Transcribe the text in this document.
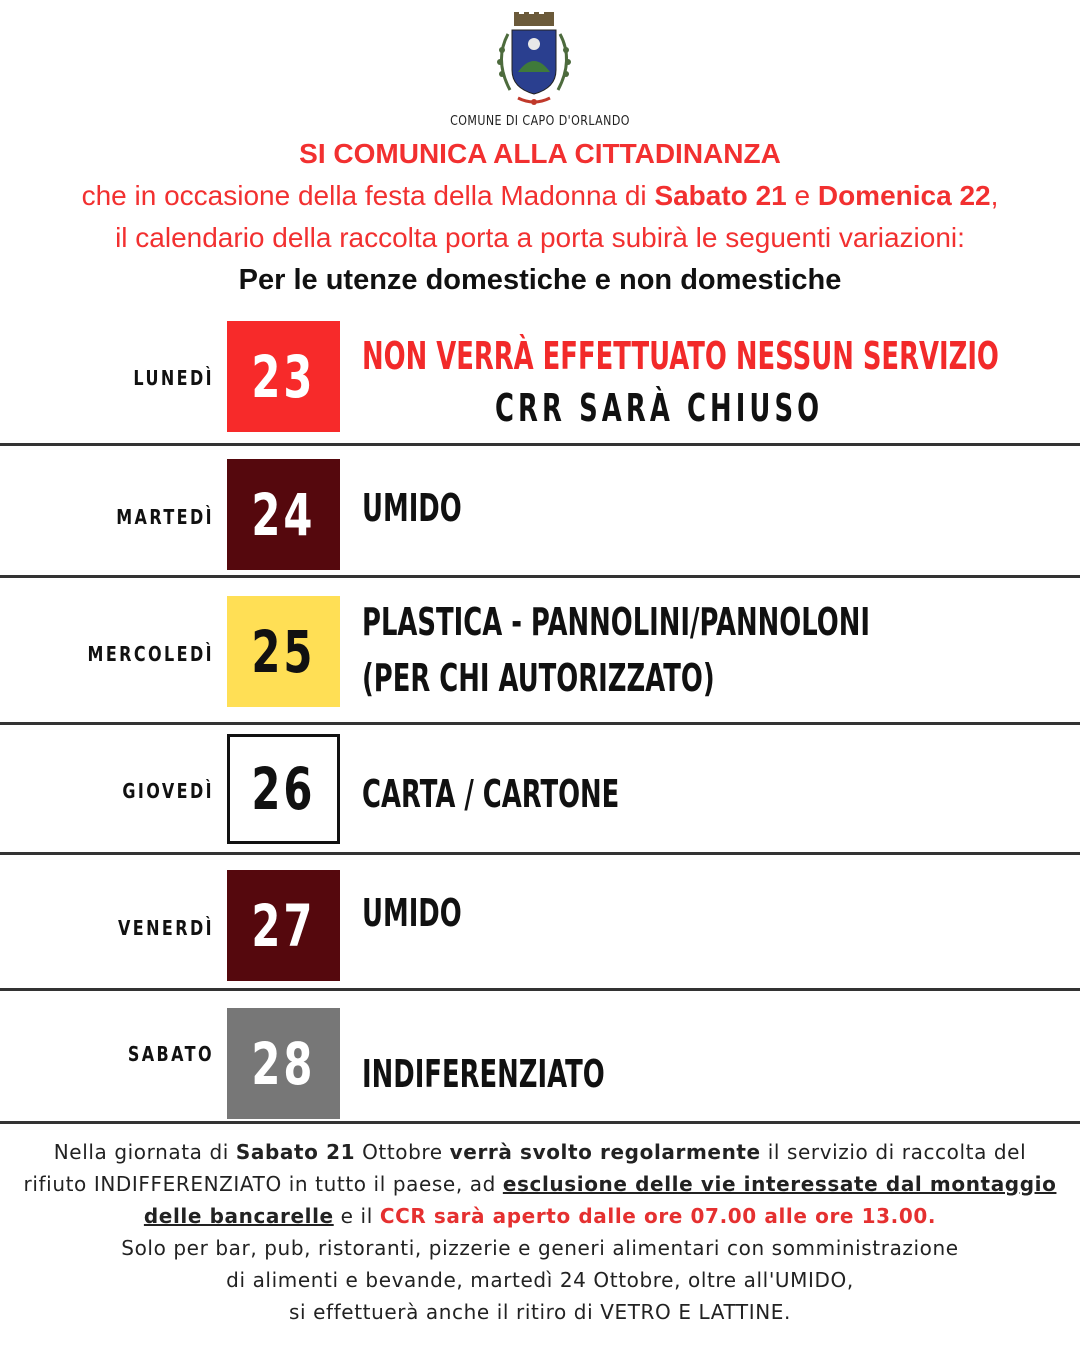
COMUNE DI CAPO D'ORLANDO
SI COMUNICA ALLA CITTADINANZA
che in occasione della festa della Madonna di Sabato 21 e Domenica 22,
il calendario della raccolta porta a porta subirà le seguenti variazioni:
Per le utenze domestiche e non domestiche
LUNEDÌ 23 NON VERRÀ EFFETTUATO NESSUN SERVIZIO
CRR SARÀ CHIUSO
MARTEDÌ 24 UMIDO
MERCOLEDÌ 25 PLASTICA - PANNOLINI/PANNOLONI
(PER CHI AUTORIZZATO)
GIOVEDÌ 26 CARTA / CARTONE
VENERDÌ 27 UMIDO
SABATO 28 INDIFERENZIATO

Nella giornata di Sabato 21 Ottobre verrà svolto regolarmente il servizio di raccolta del rifiuto INDIFFERENZIATO in tutto il paese, ad esclusione delle vie interessate dal montaggio delle bancarelle e il CCR sarà aperto dalle ore 07.00 alle ore 13.00.

Solo per bar, pub, ristoranti, pizzerie e generi alimentari con somministrazione

di alimenti e bevande, martedì 24 Ottobre, oltre all'UMIDO,

si effettuerà anche il ritiro di VETRO E LATTINE.
